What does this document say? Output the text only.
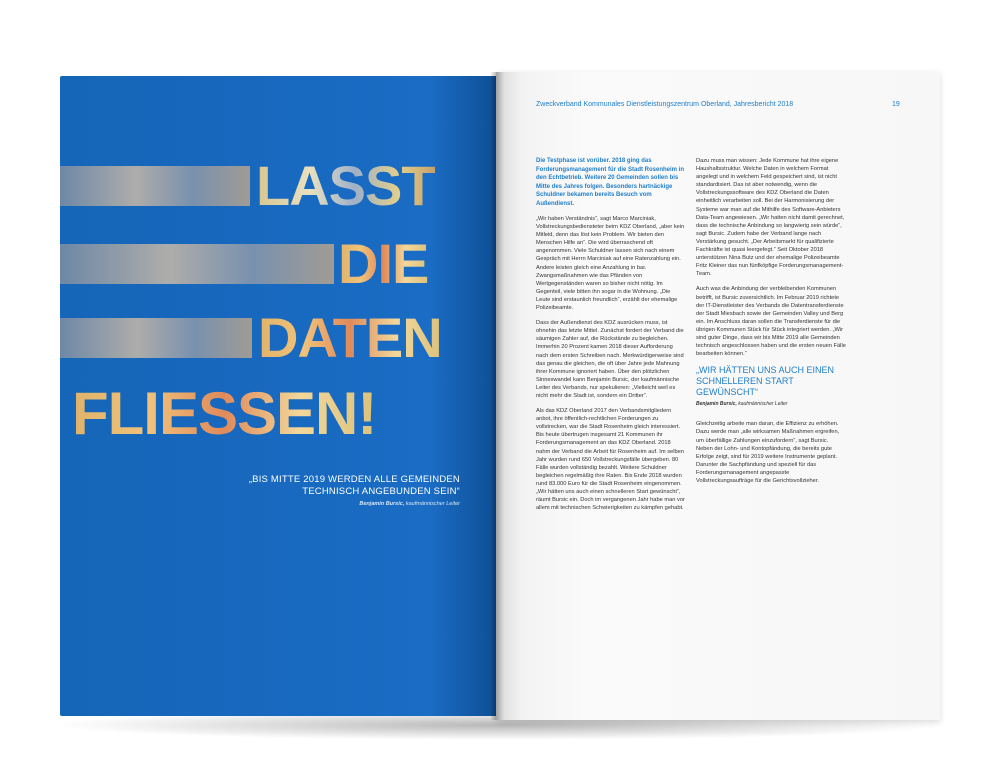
LASST
DIE
DATEN
FLIESSEN!
„BIS MITTE 2019 WERDEN ALLE GEMEINDEN TECHNISCH ANGEBUNDEN SEIN“
Benjamin Bursic, kaufmännischer Leiter
Zweckverband Kommunales Dienstleistungszentrum Oberland, Jahresbericht 2018	19

Die Testphase ist vorüber. 2018 ging das Forderungsmanagement für die Stadt Rosenheim in den Echtbetrieb. Weitere 20 Gemeinden sollen bis Mitte des Jahres folgen. Besonders hartnäckige Schuldner bekamen bereits Besuch vom Außendienst.

„Wir haben Verständnis“, sagt Marco Marciniak, Vollstreckungsbediensteter beim KDZ Oberland, „aber kein Mitleid, denn das löst kein Problem. Wir bieten den Menschen Hilfe an“. Die wird überraschend oft angenommen. Viele Schuldner lassen sich nach einem Gespräch mit Herrn Marciniak auf eine Ratenzahlung ein. Andere leisten gleich eine Anzahlung in bar. Zwangsmaßnahmen wie das Pfänden von Wertgegenständen waren so bisher nicht nötig. Im Gegenteil, viele bitten ihn sogar in die Wohnung. „Die Leute sind erstaunlich freundlich“, erzählt der ehemalige Polizeibeamte.

Dass der Außendienst des KDZ ausrücken muss, ist ohnehin das letzte Mittel. Zunächst fordert der Verband die säumigen Zahler auf, die Rückstände zu begleichen. Immerhin 20 Prozent kamen 2018 dieser Aufforderung nach dem ersten Schreiben nach. Merkwürdigerweise sind das genau die gleichen, die oft über Jahre jede Mahnung ihrer Kommune ignoriert haben. Über den plötzlichen Sinneswandel kann Benjamin Bursic, der kaufmännische Leiter des Verbands, nur spekulieren: „Vielleicht weil es nicht mehr die Stadt ist, sondern ein Dritter“.

Als das KDZ Oberland 2017 den Verbandsmitgliedern anbot, ihre öffentlich-rechtlichen Forderungen zu vollstrecken, war die Stadt Rosenheim gleich interessiert. Bis heute übertrugen insgesamt 21 Kommunen ihr Forderungsmanagement an das KDZ Oberland. 2018 nahm der Verband die Arbeit für Rosenheim auf. Im selben Jahr wurden rund 650 Vollstreckungsfälle übergeben. 80 Fälle wurden vollständig bezahlt. Weitere Schuldner begleichen regelmäßig ihre Raten. Bis Ende 2018 wurden rund 83.000 Euro für die Stadt Rosenheim eingenommen. „Wir hätten uns auch einen schnelleren Start gewünscht“, räumt Bursic ein. Doch im vergangenen Jahr habe man vor allem mit technischen Schwierigkeiten zu kämpfen gehabt.

Dazu muss man wissen: Jede Kommune hat ihre eigene Haushaltsstruktur. Welche Daten in welchem Format angelegt und in welchem Feld gespeichert sind, ist nicht standardisiert. Das ist aber notwendig, wenn die Vollstreckungssoftware des KDZ Oberland die Daten einheitlich verarbeiten soll. Bei der Harmonisierung der Systeme war man auf die Mithilfe des Software-Anbieters Data-Team angewiesen. „Wir hatten nicht damit gerechnet, dass die technische Anbindung so langwierig sein würde“, sagt Bursic. Zudem habe der Verband lange nach Verstärkung gesucht. „Der Arbeitsmarkt für qualifizierte Fachkräfte ist quasi leergefegt.“ Seit Oktober 2018 unterstützen Nina Butz und der ehemalige Polizeibeamte Fritz Kleiner das nun fünfköpfige Forderungsmanagement-Team.

Auch was die Anbindung der verbleibenden Kommunen betrifft, ist Bursic zuversichtlich. Im Februar 2019 richtete der IT-Dienstleister des Verbands die Datentransferdienste der Stadt Miesbach sowie der Gemeinden Valley und Berg ein. Im Anschluss daran sollen die Transferdienste für die übrigen Kommunen Stück für Stück integriert werden. „Wir sind guter Dinge, dass wir bis Mitte 2019 alle Gemeinden technisch angeschlossen haben und die ersten neuen Fälle bearbeiten können.“

„WIR HÄTTEN UNS AUCH EINEN SCHNELLEREN START GEWÜNSCHT“
Benjamin Bursic, kaufmännischer Leiter

Gleichzeitig arbeite man daran, die Effizienz zu erhöhen. Dazu werde man „alle wirksamen Maßnahmen ergreifen, um überfällige Zahlungen einzufordern“, sagt Bursic. Neben der Lohn- und Kontopfändung, die bereits gute Erfolge zeigt, sind für 2019 weitere Instrumente geplant. Darunter die Sachpfändung und speziell für das Forderungsmanagement angepasste Vollstreckungsaufträge für die Gerichtsvollzieher.
